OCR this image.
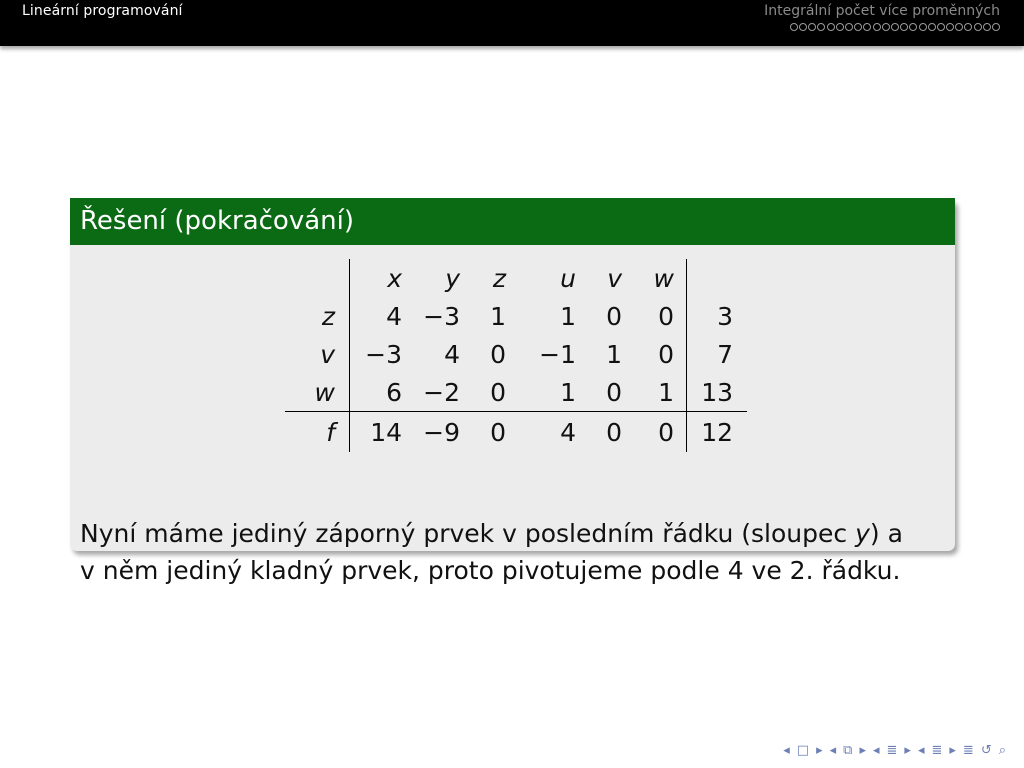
Lineární programování	Integrální počet více proměnných
Řešení (pokračování)
	x	y	z	u	v	w	
z	4	−3	1	1	0	0	3
v	−3	4	0	−1	1	0	7
w	6	−2	0	1	0	1	13
f	14	−9	0	4	0	0	12
Nyní máme jediný záporný prvek v posledním řádku (sloupec y) a
v něm jediný kladný prvek, proto pivotujeme podle 4 ve 2. řádku.
◂ □ ▸ ◂ ⧉ ▸ ◂ ≣ ▸ ◂ ≣ ▸ ≣ ↺ ⌕
